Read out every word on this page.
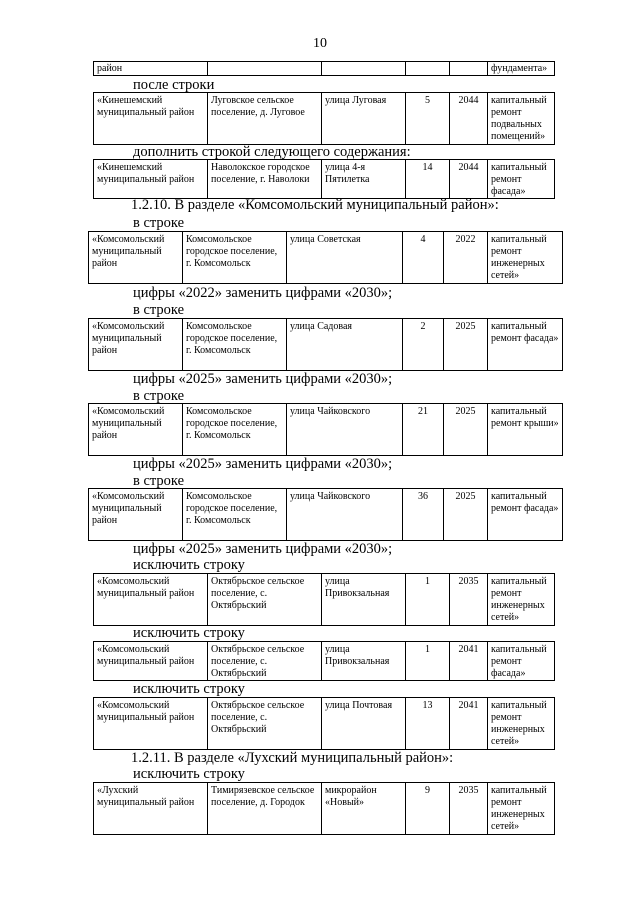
10
район					фундамента»
после строки
«Кинешемский муниципальный район	Луговское сельское поселение, д. Луговое	улица Луговая	5	2044	капитальный ремонт подвальных помещений»
дополнить строкой следующего содержания:
«Кинешемский муниципальный район	Наволокское городское поселение, г. Наволоки	улица 4-я Пятилетка	14	2044	капитальный ремонт фасада»
1.2.10. В разделе «Комсомольский муниципальный район»:
в строке
«Комсомольский муниципальный район	Комсомольское городское поселение, г. Комсомольск	улица Советская	4	2022	капитальный ремонт инженерных сетей»
цифры «2022» заменить цифрами «2030»;
в строке
«Комсомольский муниципальный район	Комсомольское городское поселение, г. Комсомольск	улица Садовая	2	2025	капитальный ремонт фасада»
цифры «2025» заменить цифрами «2030»;
в строке
«Комсомольский муниципальный район	Комсомольское городское поселение, г. Комсомольск	улица Чайковского	21	2025	капитальный ремонт крыши»
цифры «2025» заменить цифрами «2030»;
в строке
«Комсомольский муниципальный район	Комсомольское городское поселение, г. Комсомольск	улица Чайковского	36	2025	капитальный ремонт фасада»
цифры «2025» заменить цифрами «2030»;
исключить строку
«Комсомольский муниципальный район	Октябрьское сельское поселение, с. Октябрьский	улица Привокзальная	1	2035	капитальный ремонт инженерных сетей»
исключить строку
«Комсомольский муниципальный район	Октябрьское сельское поселение, с. Октябрьский	улица Привокзальная	1	2041	капитальный ремонт фасада»
исключить строку
«Комсомольский муниципальный район	Октябрьское сельское поселение, с. Октябрьский	улица Почтовая	13	2041	капитальный ремонт инженерных сетей»
1.2.11. В разделе «Лухский муниципальный район»:
исключить строку
«Лухский муниципальный район	Тимирязевское сельское поселение, д. Городок	микрорайон «Новый»	9	2035	капитальный ремонт инженерных сетей»
